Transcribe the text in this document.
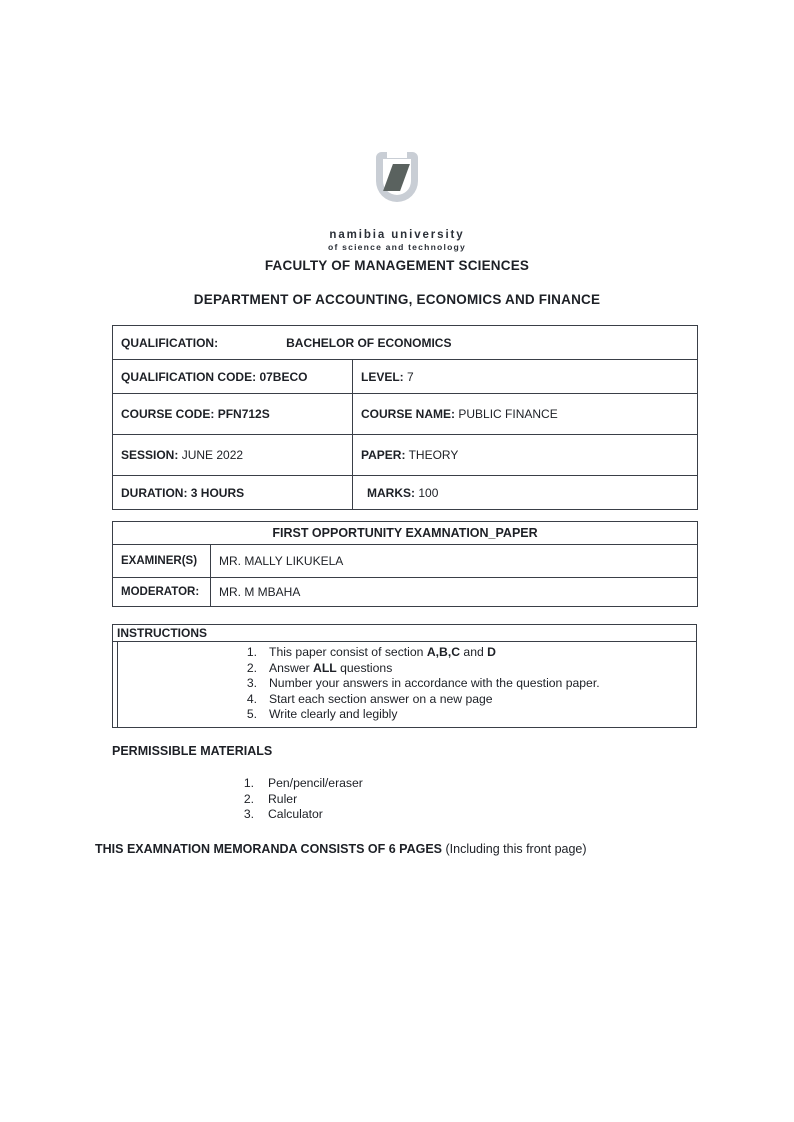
namibia university
of science and technology
FACULTY OF MANAGEMENT SCIENCES
DEPARTMENT OF ACCOUNTING, ECONOMICS AND FINANCE
QUALIFICATION: BACHELOR OF ECONOMICS	
QUALIFICATION CODE: 07BECO	LEVEL: 7
COURSE CODE: PFN712S	COURSE NAME: PUBLIC FINANCE
SESSION: JUNE 2022	PAPER: THEORY
DURATION: 3 HOURS	MARKS: 100
FIRST OPPORTUNITY EXAMNATION_PAPER	
EXAMINER(S)	MR. MALLY LIKUKELA
MODERATOR:	MR. M MBAHA
INSTRUCTIONS
1. This paper consist of section A,B,C and D
2. Answer ALL questions
3. Number your answers in accordance with the question paper.
4. Start each section answer on a new page
5. Write clearly and legibly
PERMISSIBLE MATERIALS
1. Pen/pencil/eraser
2. Ruler
3. Calculator
THIS EXAMNATION MEMORANDA CONSISTS OF 6 PAGES (Including this front page)
